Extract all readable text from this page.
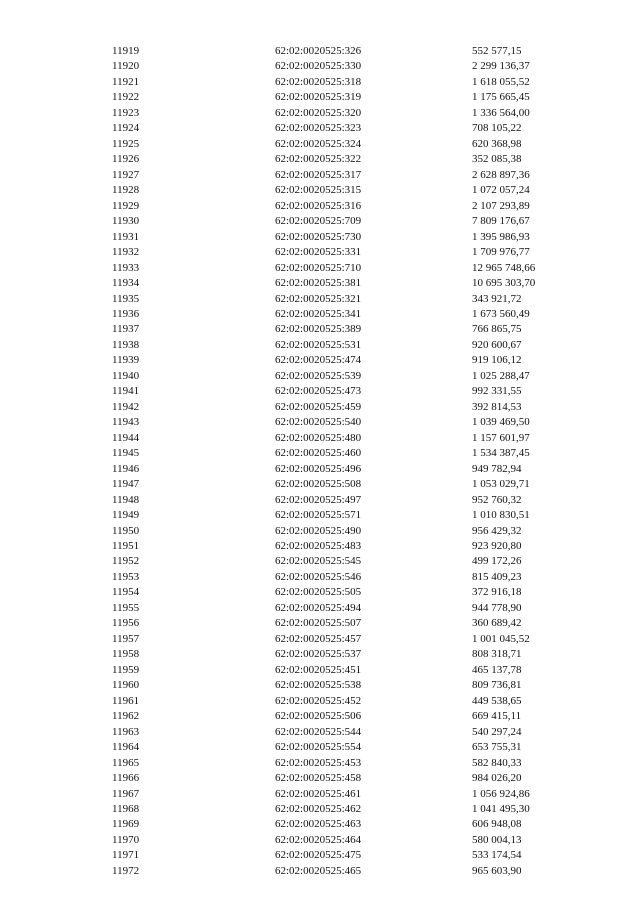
11919	62:02:0020525:326	552 577,15
11920	62:02:0020525:330	2 299 136,37
11921	62:02:0020525:318	1 618 055,52
11922	62:02:0020525:319	1 175 665,45
11923	62:02:0020525:320	1 336 564,00
11924	62:02:0020525:323	708 105,22
11925	62:02:0020525:324	620 368,98
11926	62:02:0020525:322	352 085,38
11927	62:02:0020525:317	2 628 897,36
11928	62:02:0020525:315	1 072 057,24
11929	62:02:0020525:316	2 107 293,89
11930	62:02:0020525:709	7 809 176,67
11931	62:02:0020525:730	1 395 986,93
11932	62:02:0020525:331	1 709 976,77
11933	62:02:0020525:710	12 965 748,66
11934	62:02:0020525:381	10 695 303,70
11935	62:02:0020525:321	343 921,72
11936	62:02:0020525:341	1 673 560,49
11937	62:02:0020525:389	766 865,75
11938	62:02:0020525:531	920 600,67
11939	62:02:0020525:474	919 106,12
11940	62:02:0020525:539	1 025 288,47
11941	62:02:0020525:473	992 331,55
11942	62:02:0020525:459	392 814,53
11943	62:02:0020525:540	1 039 469,50
11944	62:02:0020525:480	1 157 601,97
11945	62:02:0020525:460	1 534 387,45
11946	62:02:0020525:496	949 782,94
11947	62:02:0020525:508	1 053 029,71
11948	62:02:0020525:497	952 760,32
11949	62:02:0020525:571	1 010 830,51
11950	62:02:0020525:490	956 429,32
11951	62:02:0020525:483	923 920,80
11952	62:02:0020525:545	499 172,26
11953	62:02:0020525:546	815 409,23
11954	62:02:0020525:505	372 916,18
11955	62:02:0020525:494	944 778,90
11956	62:02:0020525:507	360 689,42
11957	62:02:0020525:457	1 001 045,52
11958	62:02:0020525:537	808 318,71
11959	62:02:0020525:451	465 137,78
11960	62:02:0020525:538	809 736,81
11961	62:02:0020525:452	449 538,65
11962	62:02:0020525:506	669 415,11
11963	62:02:0020525:544	540 297,24
11964	62:02:0020525:554	653 755,31
11965	62:02:0020525:453	582 840,33
11966	62:02:0020525:458	984 026,20
11967	62:02:0020525:461	1 056 924,86
11968	62:02:0020525:462	1 041 495,30
11969	62:02:0020525:463	606 948,08
11970	62:02:0020525:464	580 004,13
11971	62:02:0020525:475	533 174,54
11972	62:02:0020525:465	965 603,90
